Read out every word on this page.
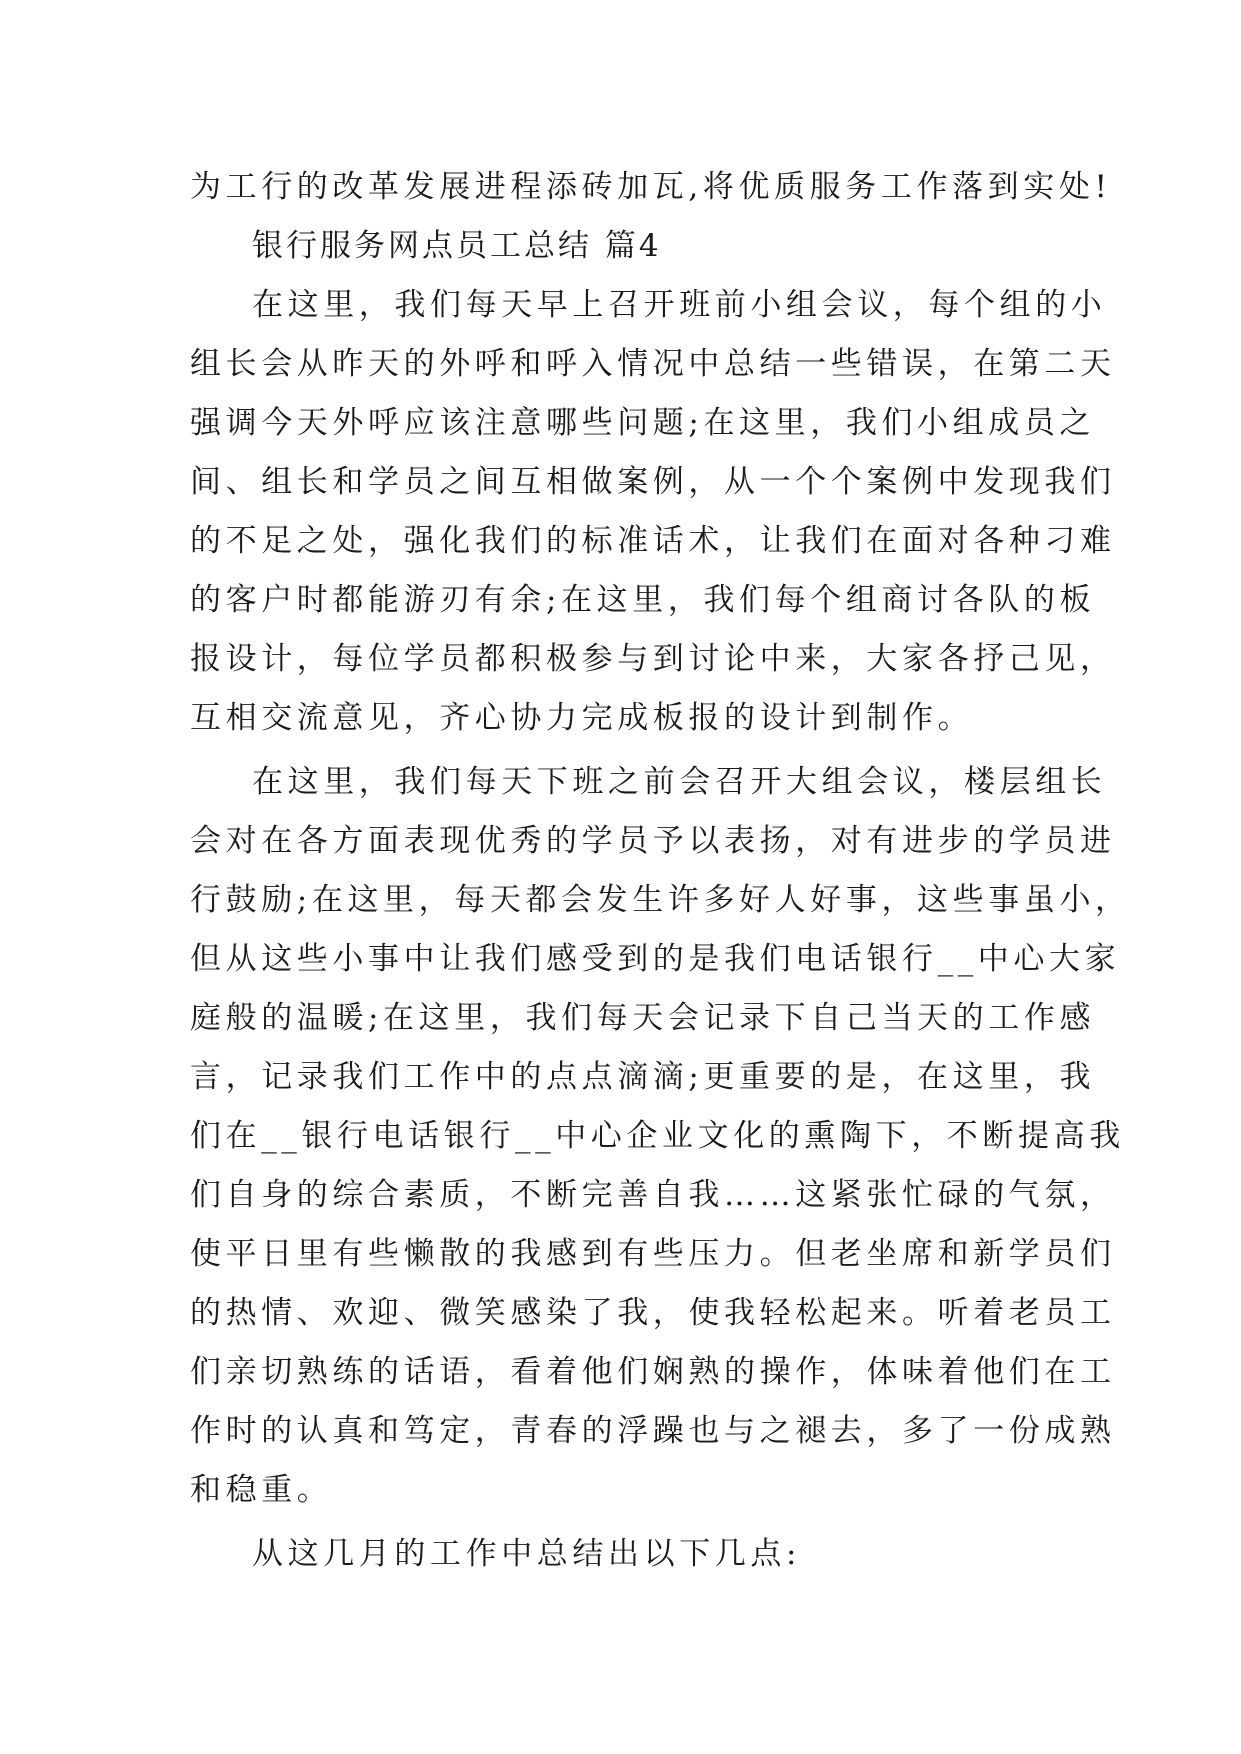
为工行的改革发展进程添砖加瓦,将优质服务工作落到实处!
银行服务网点员工总结 篇4
在这里，我们每天早上召开班前小组会议，每个组的小
组长会从昨天的外呼和呼入情况中总结一些错误，在第二天
强调今天外呼应该注意哪些问题;在这里，我们小组成员之
间、组长和学员之间互相做案例，从一个个案例中发现我们
的不足之处，强化我们的标准话术，让我们在面对各种刁难
的客户时都能游刃有余;在这里，我们每个组商讨各队的板
报设计，每位学员都积极参与到讨论中来，大家各抒己见，
互相交流意见，齐心协力完成板报的设计到制作。
在这里，我们每天下班之前会召开大组会议，楼层组长
会对在各方面表现优秀的学员予以表扬，对有进步的学员进
行鼓励;在这里，每天都会发生许多好人好事，这些事虽小，
但从这些小事中让我们感受到的是我们电话银行__中心大家
庭般的温暖;在这里，我们每天会记录下自己当天的工作感
言，记录我们工作中的点点滴滴;更重要的是，在这里，我
们在__银行电话银行__中心企业文化的熏陶下，不断提高我
们自身的综合素质，不断完善自我……这紧张忙碌的气氛，
使平日里有些懒散的我感到有些压力。但老坐席和新学员们
的热情、欢迎、微笑感染了我，使我轻松起来。听着老员工
们亲切熟练的话语，看着他们娴熟的操作，体味着他们在工
作时的认真和笃定，青春的浮躁也与之褪去，多了一份成熟
和稳重。
从这几月的工作中总结出以下几点:
